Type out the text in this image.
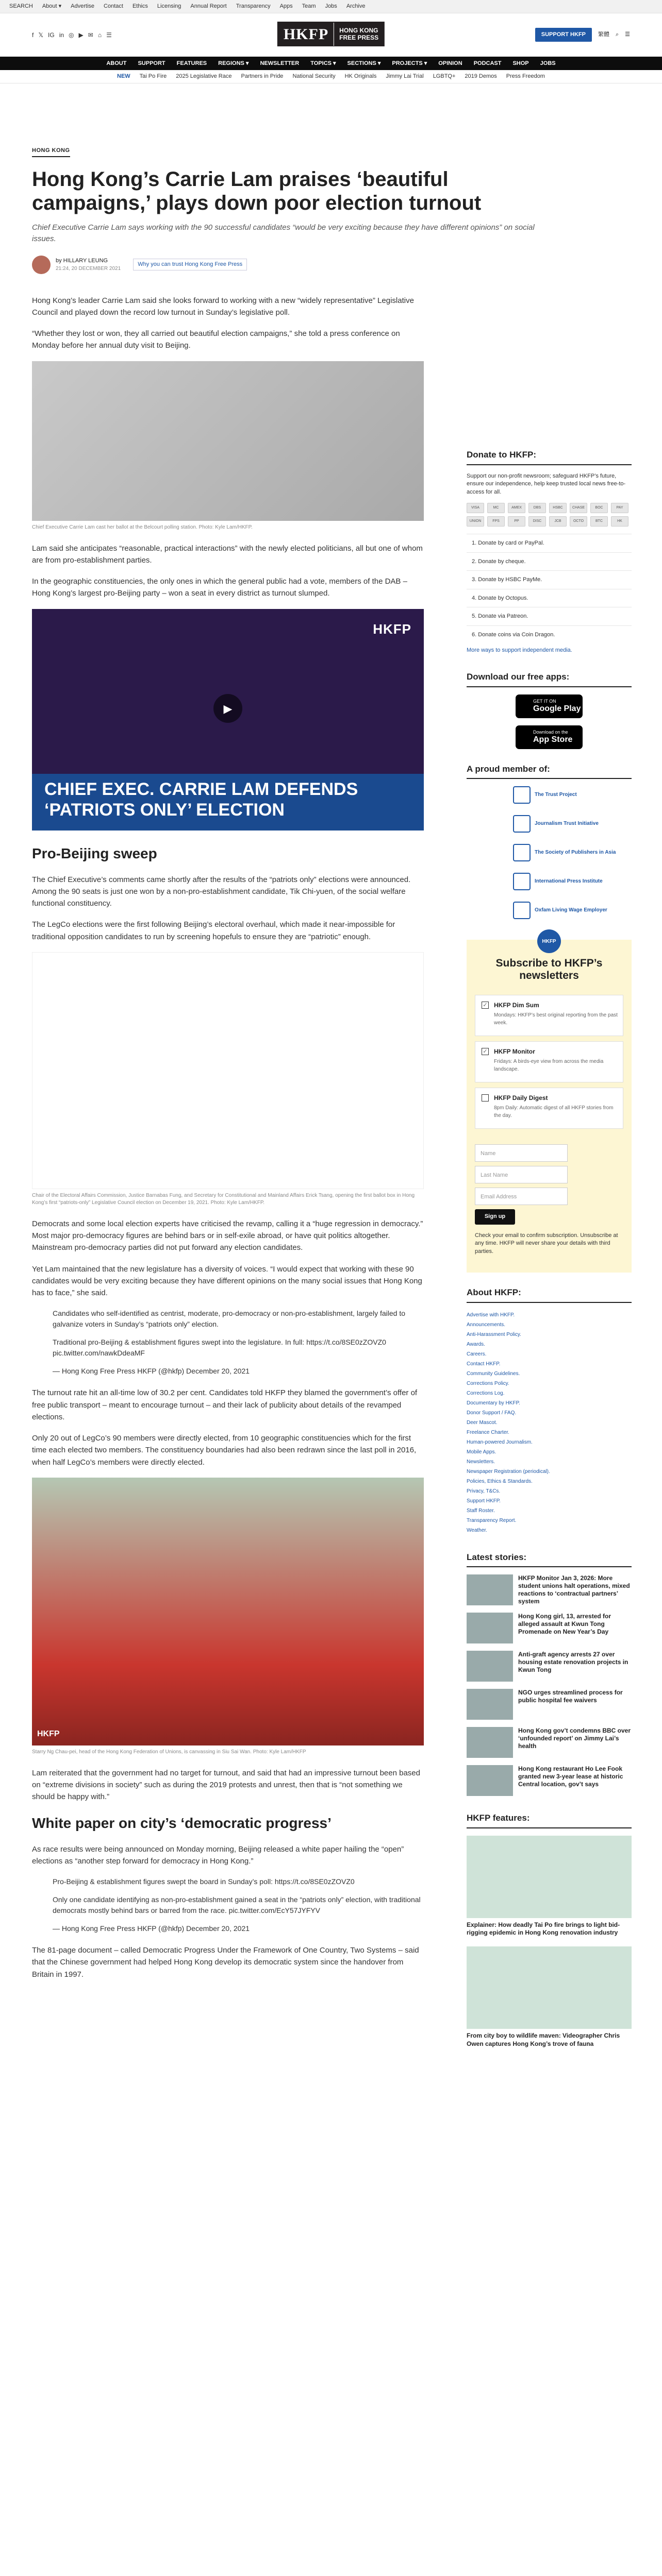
SEARCH About ▾ Advertise Contact Ethics Licensing Annual Report Transparency Apps Team Jobs Archive
f 𝕏 IG in ◎ ▶ ✉ ⌂ ☰	HKFP	HONG KONG
FREE PRESS	SUPPORT HKFP	繁體 ⌕ ☰
ABOUT SUPPORT FEATURES REGIONS ▾ NEWSLETTER TOPICS ▾ SECTIONS ▾ PROJECTS ▾ OPINION PODCAST SHOP JOBS
NEW Tai Po Fire 2025 Legislative Race Partners in Pride National Security HK Originals Jimmy Lai Trial LGBTQ+ 2019 Demos Press Freedom
HONG KONG
Hong Kong’s Carrie Lam praises ‘beautiful campaigns,’ plays down poor election turnout
Chief Executive Carrie Lam says working with the 90 successful candidates “would be very exciting because they have different opinions” on social issues.
by HILLARY LEUNG
21:24, 20 DECEMBER 2021
Why you can trust Hong Kong Free Press

Hong Kong’s leader Carrie Lam said she looks forward to working with a new “widely representative” Legislative Council and played down the record low turnout in Sunday’s legislative poll.

“Whether they lost or won, they all carried out beautiful election campaigns,” she told a press conference on Monday before her annual duty visit to Beijing.

Chief Executive Carrie Lam cast her ballot at the Belcourt polling station. Photo: Kyle Lam/HKFP.

Lam said she anticipates “reasonable, practical interactions” with the newly elected politicians, all but one of whom are from pro-establishment parties.

In the geographic constituencies, the only ones in which the general public had a vote, members of the DAB – Hong Kong’s largest pro-Beijing party – won a seat in every district as turnout slumped.

HKFP
▶
CHIEF EXEC. CARRIE LAM DEFENDS ‘PATRIOTS ONLY’ ELECTION
Pro-Beijing sweep

The Chief Executive’s comments came shortly after the results of the “patriots only” elections were announced. Among the 90 seats is just one won by a non-pro-establishment candidate, Tik Chi-yuen, of the social welfare functional constituency.

The LegCo elections were the first following Beijing’s electoral overhaul, which made it near-impossible for traditional opposition candidates to run by screening hopefuls to ensure they are “patriotic” enough.

Chair of the Electoral Affairs Commission, Justice Barnabas Fung, and Secretary for Constitutional and Mainland Affairs Erick Tsang, opening the first ballot box in Hong Kong’s first “patriots-only” Legislative Council election on December 19, 2021. Photo: Kyle Lam/HKFP.

Democrats and some local election experts have criticised the revamp, calling it a “huge regression in democracy.” Most major pro-democracy figures are behind bars or in self-exile abroad, or have quit politics altogether. Mainstream pro-democracy parties did not put forward any election candidates.

Yet Lam maintained that the new legislature has a diversity of voices. “I would expect that working with these 90 candidates would be very exciting because they have different opinions on the many social issues that Hong Kong has to face,” she said.

Candidates who self-identified as centrist, moderate, pro-democracy or non-pro-establishment, largely failed to galvanize voters in Sunday’s “patriots only” election.

Traditional pro-Beijing & establishment figures swept into the legislature. In full: https://t.co/8SE0zZOVZ0 pic.twitter.com/nawkDdeaMF

— Hong Kong Free Press HKFP (@hkfp) December 20, 2021

The turnout rate hit an all-time low of 30.2 per cent. Candidates told HKFP they blamed the government’s offer of free public transport – meant to encourage turnout – and their lack of publicity about details of the revamped elections.

Only 20 out of LegCo’s 90 members were directly elected, from 10 geographic constituencies which for the first time each elected two members. The constituency boundaries had also been redrawn since the last poll in 2016, when half LegCo’s members were directly elected.

HKFP
Starry Ng Chau-pei, head of the Hong Kong Federation of Unions, is canvassing in Siu Sai Wan. Photo: Kyle Lam/HKFP

Lam reiterated that the government had no target for turnout, and said that had an impressive turnout been based on “extreme divisions in society” such as during the 2019 protests and unrest, then that is “not something we should be happy with.”

White paper on city’s ‘democratic progress’

As race results were being announced on Monday morning, Beijing released a white paper hailing the “open” elections as “another step forward for democracy in Hong Kong.”

Pro-Beijing & establishment figures swept the board in Sunday’s poll: https://t.co/8SE0zZOVZ0

Only one candidate identifying as non-pro-establishment gained a seat in the “patriots only” election, with traditional democrats mostly behind bars or barred from the race. pic.twitter.com/EcY57JYFYV

— Hong Kong Free Press HKFP (@hkfp) December 20, 2021

The 81-page document – called Democratic Progress Under the Framework of One Country, Two Systems – said that the Chinese government had helped Hong Kong develop its democratic system since the handover from Britain in 1997.

Donate to HKFP:
Support our non-profit newsroom; safeguard HKFP’s future, ensure our independence, help keep trusted local news free-to-access for all.
VISA	MC	AMEX	DBS	HSBC	CHASE	BOC	PAY
UNION	FPS	PP	DISC	JCB	OCTO	BTC	HK
1. Donate by card or PayPal.
2. Donate by cheque.
3. Donate by HSBC PayMe.
4. Donate by Octopus.
5. Donate via Patreon.
6. Donate coins via Coin Dragon.
More ways to support independent media.
Download our free apps:
GET IT ON
Google Play
Download on the
App Store
A proud member of:
The Trust Project
Journalism Trust Initiative
The Society of Publishers in Asia
International Press Institute
Oxfam Living Wage Employer
HKFP
Subscribe to HKFP’s newsletters
✓ HKFP Dim Sum
Mondays: HKFP’s best original reporting from the past week.
✓ HKFP Monitor
Fridays: A birds-eye view from across the media landscape.
HKFP Daily Digest
8pm Daily: Automatic digest of all HKFP stories from the day.
Name
Last Name
Email Address
Sign up
Check your email to confirm subscription. Unsubscribe at any time. HKFP will never share your details with third parties.
About HKFP:
Advertise with HKFP.
Announcements.
Anti-Harassment Policy.
Awards.
Careers.
Contact HKFP.
Community Guidelines.
Corrections Policy.
Corrections Log.
Documentary by HKFP.
Donor Support / FAQ.
Deer Mascot.
Freelance Charter.
Human-powered Journalism.
Mobile Apps.
Newsletters.
Newspaper Registration (periodical).
Policies, Ethics & Standards.
Privacy, T&Cs.
Support HKFP.
Staff Roster.
Transparency Report.
Weather.
Latest stories:
HKFP Monitor Jan 3, 2026: More student unions halt operations, mixed reactions to ‘contractual partners’ system
Hong Kong girl, 13, arrested for alleged assault at Kwun Tong Promenade on New Year’s Day
Anti-graft agency arrests 27 over housing estate renovation projects in Kwun Tong
NGO urges streamlined process for public hospital fee waivers
Hong Kong gov’t condemns BBC over ‘unfounded report’ on Jimmy Lai’s health
Hong Kong restaurant Ho Lee Fook granted new 3-year lease at historic Central location, gov’t says
HKFP features:
Explainer: How deadly Tai Po fire brings to light bid-rigging epidemic in Hong Kong renovation industry
From city boy to wildlife maven: Videographer Chris Owen captures Hong Kong’s trove of fauna
